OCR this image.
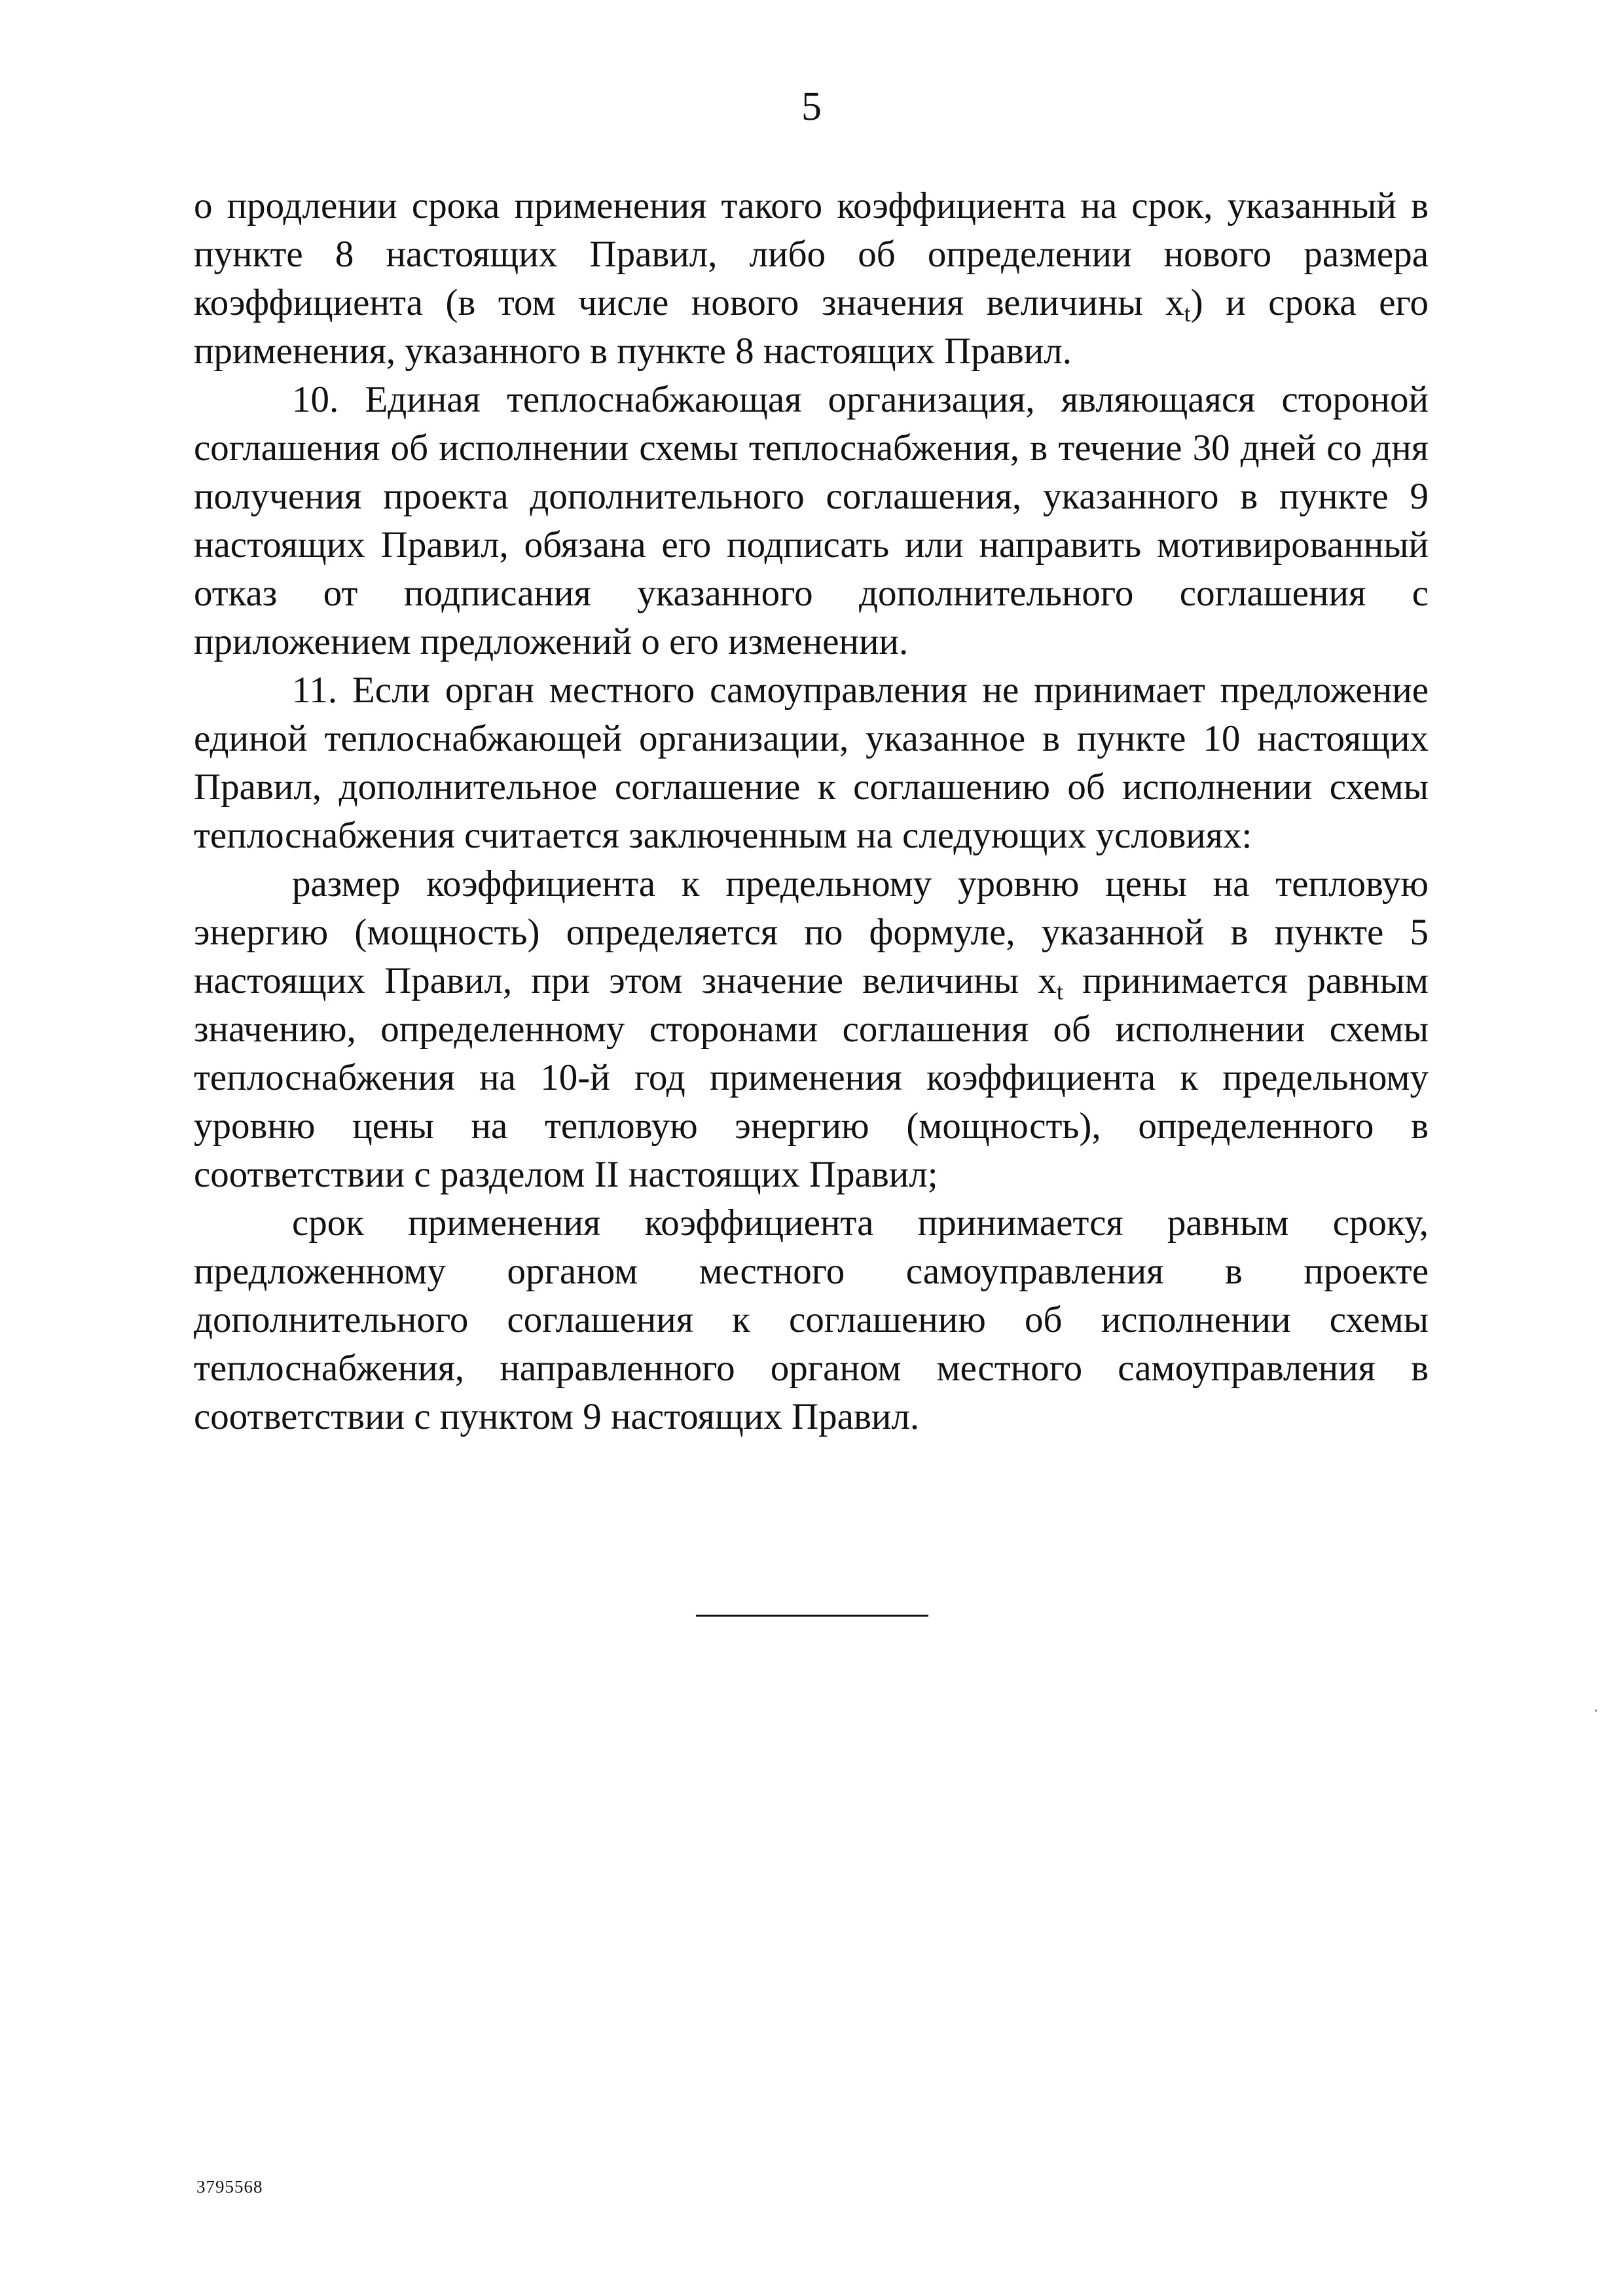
5

о продлении срока применения такого коэффициента на срок, указанный в пункте 8 настоящих Правил, либо об определении нового размера коэффициента (в том числе нового значения величины $x_t$) и срока его применения, указанного в пункте 8 настоящих Правил.

10. Единая теплоснабжающая организация, являющаяся стороной соглашения об исполнении схемы теплоснабжения, в течение 30 дней со дня получения проекта дополнительного соглашения, указанного в пункте 9 настоящих Правил, обязана его подписать или направить мотивированный отказ от подписания указанного дополнительного соглашения с приложением предложений о его изменении.

11. Если орган местного самоуправления не принимает предложение единой теплоснабжающей организации, указанное в пункте 10 настоящих Правил, дополнительное соглашение к соглашению об исполнении схемы теплоснабжения считается заключенным на следующих условиях:

размер коэффициента к предельному уровню цены на тепловую энергию (мощность) определяется по формуле, указанной в пункте 5 настоящих Правил, при этом значение величины $x_t$ принимается равным значению, определенному сторонами соглашения об исполнении схемы теплоснабжения на 10-й год применения коэффициента к предельному уровню цены на тепловую энергию (мощность), определенного в соответствии с разделом II настоящих Правил;

срок применения коэффициента принимается равным сроку, предложенному органом местного самоуправления в проекте дополнительного соглашения к соглашению об исполнении схемы теплоснабжения, направленного органом местного самоуправления в соответствии с пунктом 9 настоящих Правил.

3795568
